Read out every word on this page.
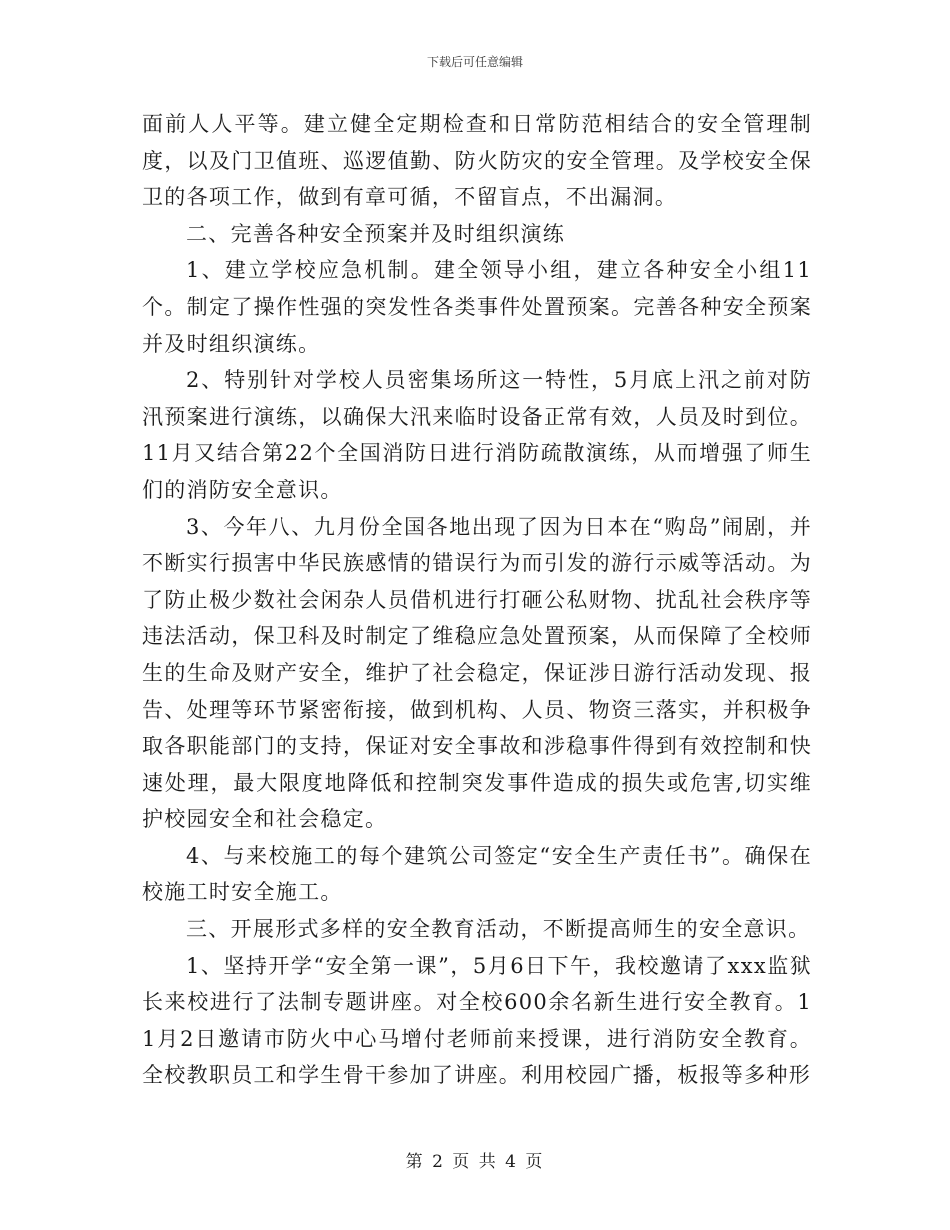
下载后可任意编辑

面前人人平等。建立健全定期检查和日常防范相结合的安全管理制度，以及门卫值班、巡逻值勤、防火防灾的安全管理。及学校安全保卫的各项工作，做到有章可循，不留盲点，不出漏洞。

二、完善各种安全预案并及时组织演练

1、建立学校应急机制。建全领导小组，建立各种安全小组11个。制定了操作性强的突发性各类事件处置预案。完善各种安全预案并及时组织演练。

2、特别针对学校人员密集场所这一特性，5月底上汛之前对防汛预案进行演练，以确保大汛来临时设备正常有效，人员及时到位。11月又结合第22个全国消防日进行消防疏散演练，从而增强了师生们的消防安全意识。

3、今年八、九月份全国各地出现了因为日本在“购岛”闹剧，并不断实行损害中华民族感情的错误行为而引发的游行示威等活动。为了防止极少数社会闲杂人员借机进行打砸公私财物、扰乱社会秩序等违法活动，保卫科及时制定了维稳应急处置预案，从而保障了全校师生的生命及财产安全，维护了社会稳定，保证涉日游行活动发现、报告、处理等环节紧密衔接，做到机构、人员、物资三落实，并积极争取各职能部门的支持，保证对安全事故和涉稳事件得到有效控制和快速处理，最大限度地降低和控制突发事件造成的损失或危害,切实维护校园安全和社会稳定。

4、与来校施工的每个建筑公司签定“安全生产责任书”。确保在校施工时安全施工。

三、开展形式多样的安全教育活动，不断提高师生的安全意识。

1、坚持开学“安全第一课”，5月6日下午，我校邀请了xxx监狱长来校进行了法制专题讲座。对全校600余名新生进行安全教育。11月2日邀请市防火中心马增付老师前来授课，进行消防安全教育。全校教职员工和学生骨干参加了讲座。利用校园广播，板报等多种形

第 2 页 共 4 页
